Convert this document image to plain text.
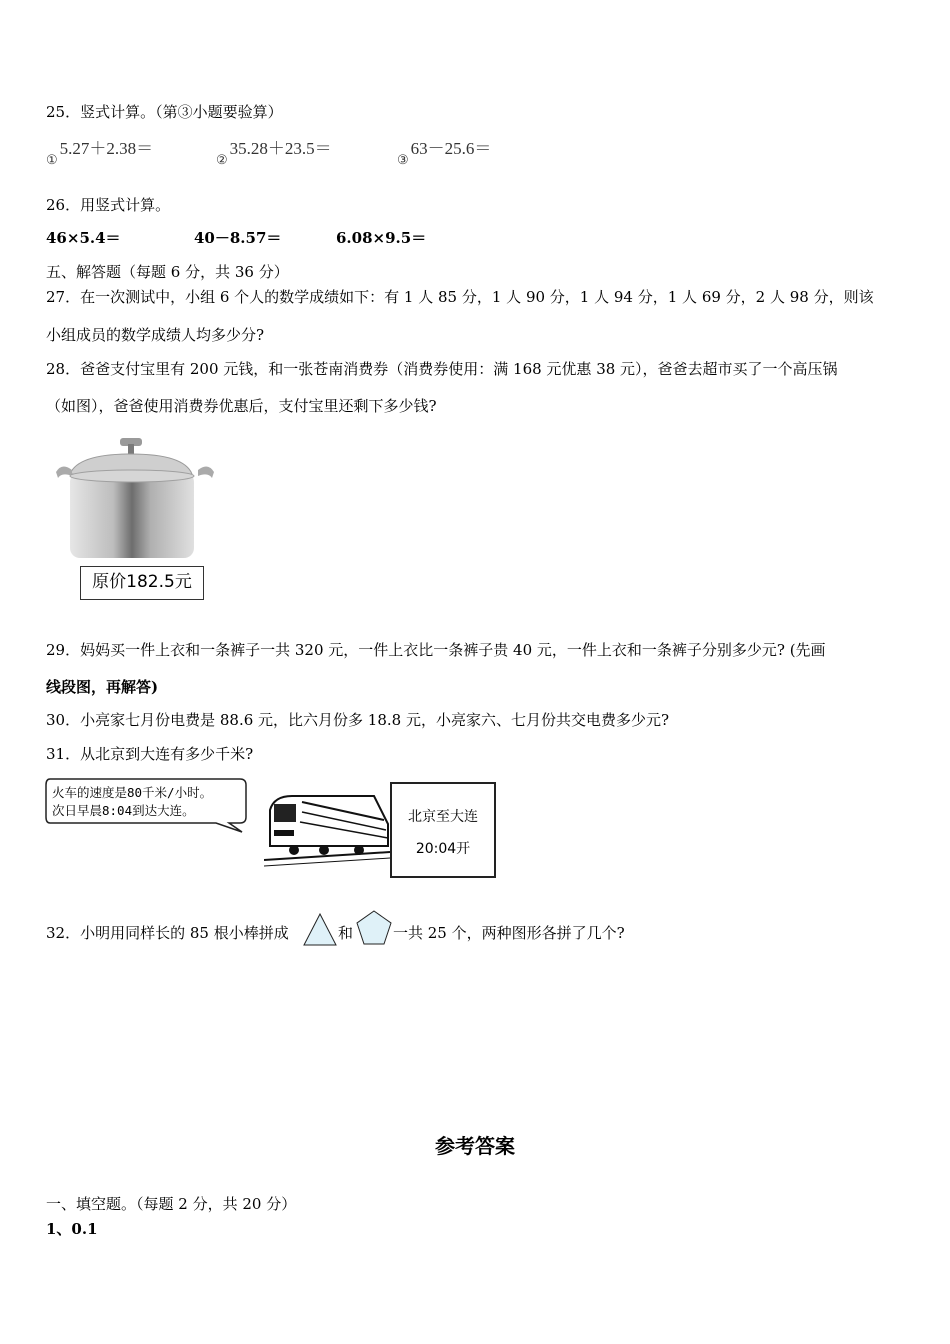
25．竖式计算。（第③小题要验算）
$_①$5.27＋2.38＝
$_②$35.28＋23.5＝
$_③$63－25.6＝
26．用竖式计算。
46×5.4＝	40－8.57＝	6.08×9.5＝
五、解答题（每题 6 分，共 36 分）
27．在一次测试中，小组 6 个人的数学成绩如下：有 1 人 85 分，1 人 90 分，1 人 94 分，1 人 69 分，2 人 98 分，则该
小组成员的数学成绩人均多少分?
28．爸爸支付宝里有 200 元钱，和一张苍南消费券（消费券使用：满 168 元优惠 38 元），爸爸去超市买了一个高压锅
（如图），爸爸使用消费券优惠后，支付宝里还剩下多少钱?
原价182.5元
29．妈妈买一件上衣和一条裤子一共 320 元，一件上衣比一条裤子贵 40 元，一件上衣和一条裤子分别多少元? (先画
线段图，再解答)
30．小亮家七月份电费是 88.6 元，比六月份多 18.8 元，小亮家六、七月份共交电费多少元?
31．从北京到大连有多少千米?
火车的速度是80千米/小时。
次日早晨8:04到达大连。	北京至大连
20:04开
32．小明用同样长的 85 根小棒拼成	和	一共 25 个，两种图形各拼了几个?
参考答案
一、填空题。（每题 2 分，共 20 分）
1、0.1
